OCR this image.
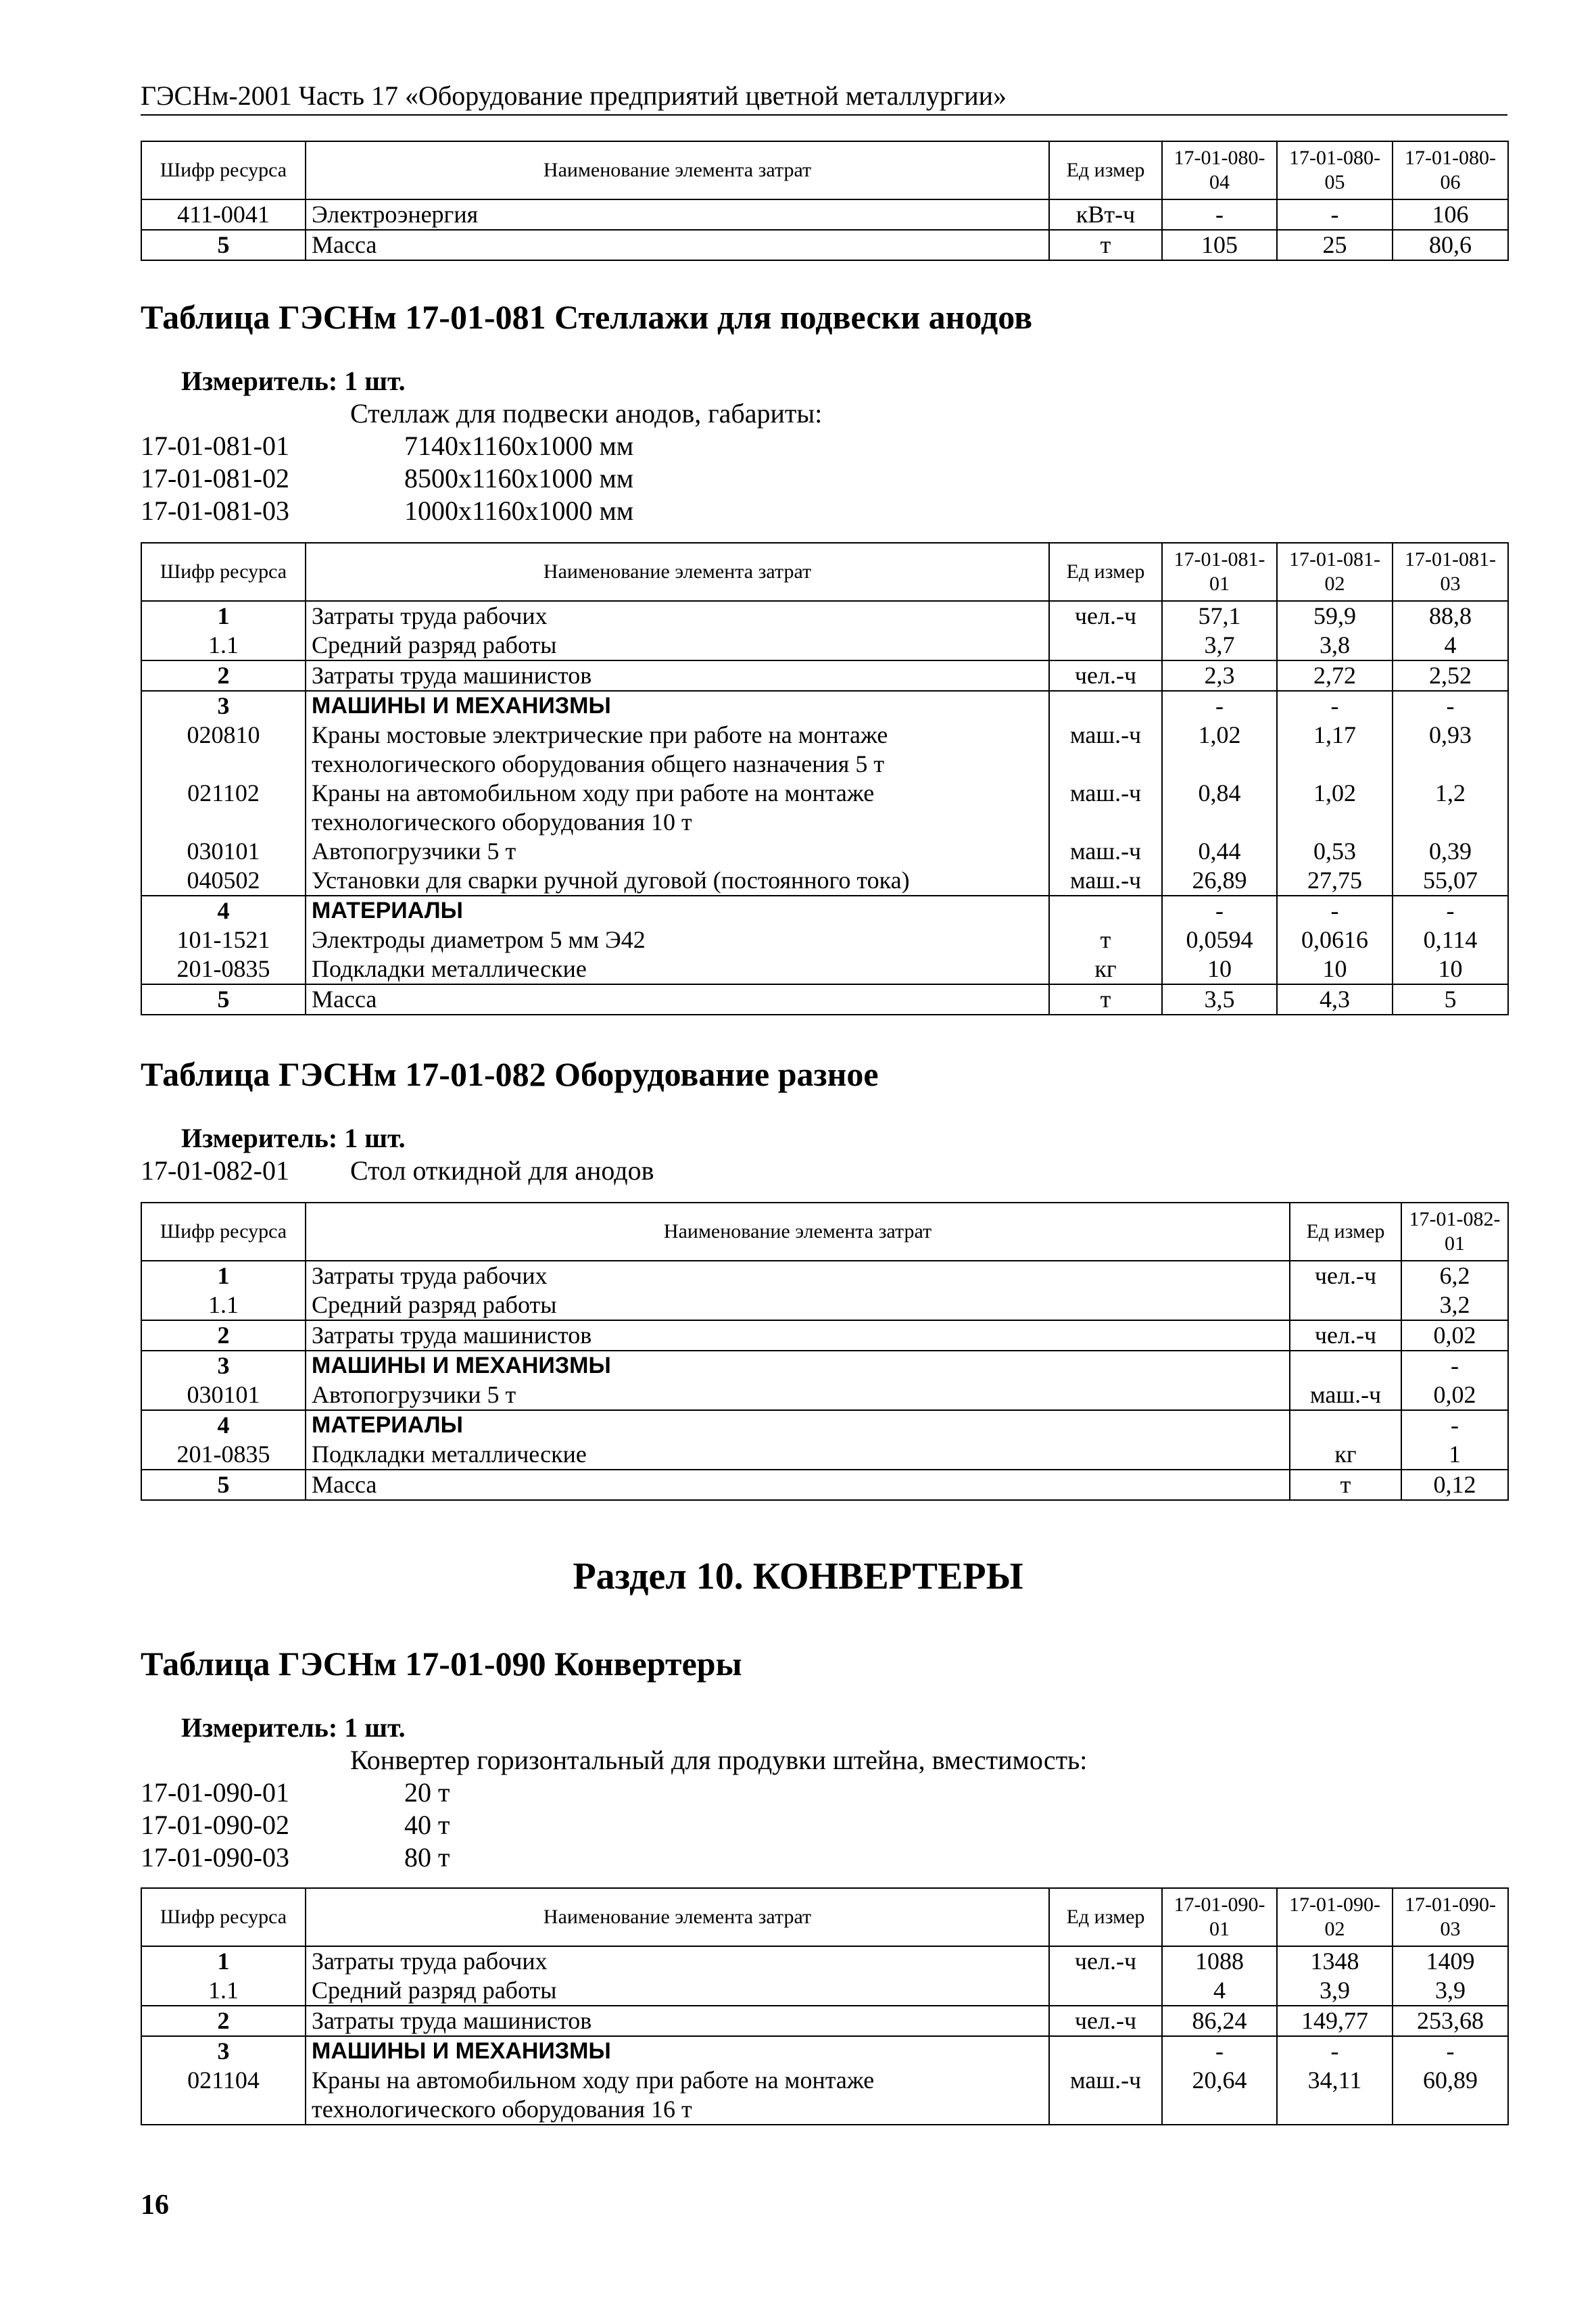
ГЭСНм-2001 Часть 17 «Оборудование предприятий цветной металлургии»
Шифр ресурса	Наименование элемента затрат	Ед измер	17-01-080-04	17-01-080-05	17-01-080-06
411-0041	Электроэнергия	кВт-ч	-	-	106
5	Масса	т	105	25	80,6
Таблица ГЭСНм 17-01-081 Стеллажи для подвески анодов
Измеритель: 1 шт.
Стеллаж для подвески анодов, габариты:
17-01-081-01	7140x1160x1000 мм
17-01-081-02	8500x1160x1000 мм
17-01-081-03	1000x1160x1000 мм
Шифр ресурса	Наименование элемента затрат	Ед измер	17-01-081-01	17-01-081-02	17-01-081-03
1	Затраты труда рабочих	чел.-ч	57,1	59,9	88,8
1.1	Средний разряд работы		3,7	3,8	4
2	Затраты труда машинистов	чел.-ч	2,3	2,72	2,52
3	МАШИНЫ И МЕХАНИЗМЫ		-	-	-
020810	Краны мостовые электрические при работе на монтаже технологического оборудования общего назначения 5 т	маш.-ч	1,02	1,17	0,93
021102	Краны на автомобильном ходу при работе на монтаже технологического оборудования 10 т	маш.-ч	0,84	1,02	1,2
030101	Автопогрузчики 5 т	маш.-ч	0,44	0,53	0,39
040502	Установки для сварки ручной дуговой (постоянного тока)	маш.-ч	26,89	27,75	55,07
4	МАТЕРИАЛЫ		-	-	-
101-1521	Электроды диаметром 5 мм Э42	т	0,0594	0,0616	0,114
201-0835	Подкладки металлические	кг	10	10	10
5	Масса	т	3,5	4,3	5
Таблица ГЭСНм 17-01-082 Оборудование разное
Измеритель: 1 шт.
17-01-082-01 Стол откидной для анодов
Шифр ресурса	Наименование элемента затрат	Ед измер	17-01-082-01
1	Затраты труда рабочих	чел.-ч	6,2
1.1	Средний разряд работы		3,2
2	Затраты труда машинистов	чел.-ч	0,02
3	МАШИНЫ И МЕХАНИЗМЫ		-
030101	Автопогрузчики 5 т	маш.-ч	0,02
4	МАТЕРИАЛЫ		-
201-0835	Подкладки металлические	кг	1
5	Масса	т	0,12
Раздел 10. КОНВЕРТЕРЫ
Таблица ГЭСНм 17-01-090 Конвертеры
Измеритель: 1 шт.
Конвертер горизонтальный для продувки штейна, вместимость:
17-01-090-01	20 т
17-01-090-02	40 т
17-01-090-03	80 т
Шифр ресурса	Наименование элемента затрат	Ед измер	17-01-090-01	17-01-090-02	17-01-090-03
1	Затраты труда рабочих	чел.-ч	1088	1348	1409
1.1	Средний разряд работы		4	3,9	3,9
2	Затраты труда машинистов	чел.-ч	86,24	149,77	253,68
3	МАШИНЫ И МЕХАНИЗМЫ		-	-	-
021104	Краны на автомобильном ходу при работе на монтаже технологического оборудования 16 т	маш.-ч	20,64	34,11	60,89
16
